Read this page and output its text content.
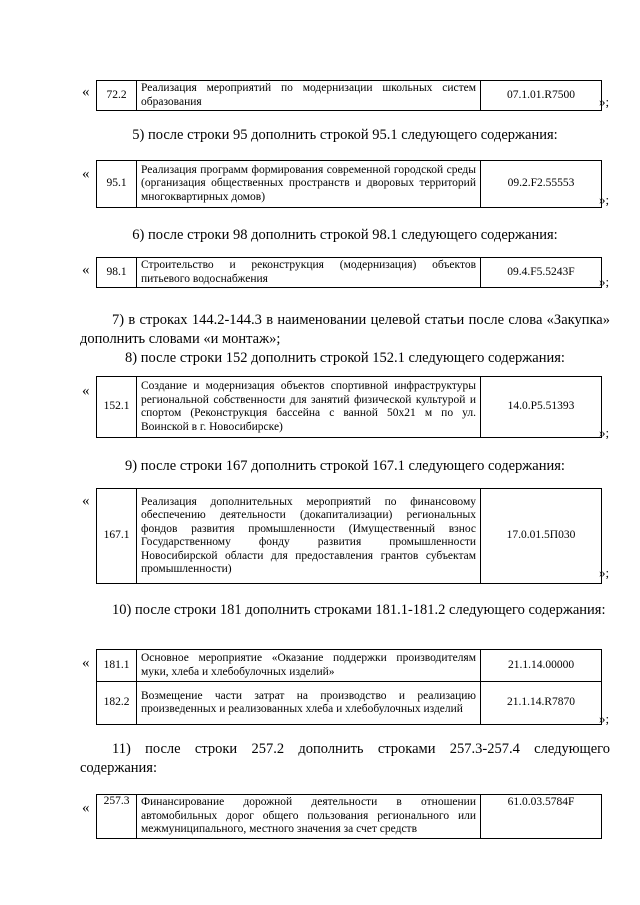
« 72.2	Реализация мероприятий по модернизации школьных систем образования	07.1.01.R7500 »;
5) после строки 95 дополнить строкой 95.1 следующего содержания:
«
95.1	Реализация программ формирования современной городской среды (организация общественных пространств и дворовых территорий многоквартирных домов)	09.2.F2.55553
»;
6) после строки 98 дополнить строкой 98.1 следующего содержания:
« 98.1	Строительство и реконструкция (модернизация) объектов питьевого водоснабжения	09.4.F5.5243F
»;
7) в строках 144.2-144.3 в наименовании целевой статьи после слова «Закупка» дополнить словами «и монтаж»;
8) после строки 152 дополнить строкой 152.1 следующего содержания:
«
152.1	Создание и модернизация объектов спортивной инфраструктуры региональной собственности для занятий физической культурой и спортом (Реконструкция бассейна с ванной 50х21 м по ул. Воинской в г. Новосибирске)	14.0.P5.51393
»;
9) после строки 167 дополнить строкой 167.1 следующего содержания:
«
167.1	Реализация дополнительных мероприятий по финансовому обеспечению деятельности (докапитализации) региональных фондов развития промышленности (Имущественный взнос Государственному фонду развития промышленности Новосибирской области для предоставления грантов субъектам промышленности)	17.0.01.5П030
»;
10) после строки 181 дополнить строками 181.1-181.2 следующего содержания:
« 181.1	Основное мероприятие «Оказание поддержки производителям муки, хлеба и хлебобулочных изделий»	21.1.14.00000
182.2	Возмещение части затрат на производство и реализацию произведенных и реализованных хлеба и хлебобулочных изделий	21.1.14.R7870
»;
11) после строки 257.2 дополнить строками 257.3-257.4 следующего содержания:
« 257.3	Финансирование дорожной деятельности в отношении автомобильных дорог общего пользования регионального или межмуниципального, местного значения за счет средств	61.0.03.5784F
